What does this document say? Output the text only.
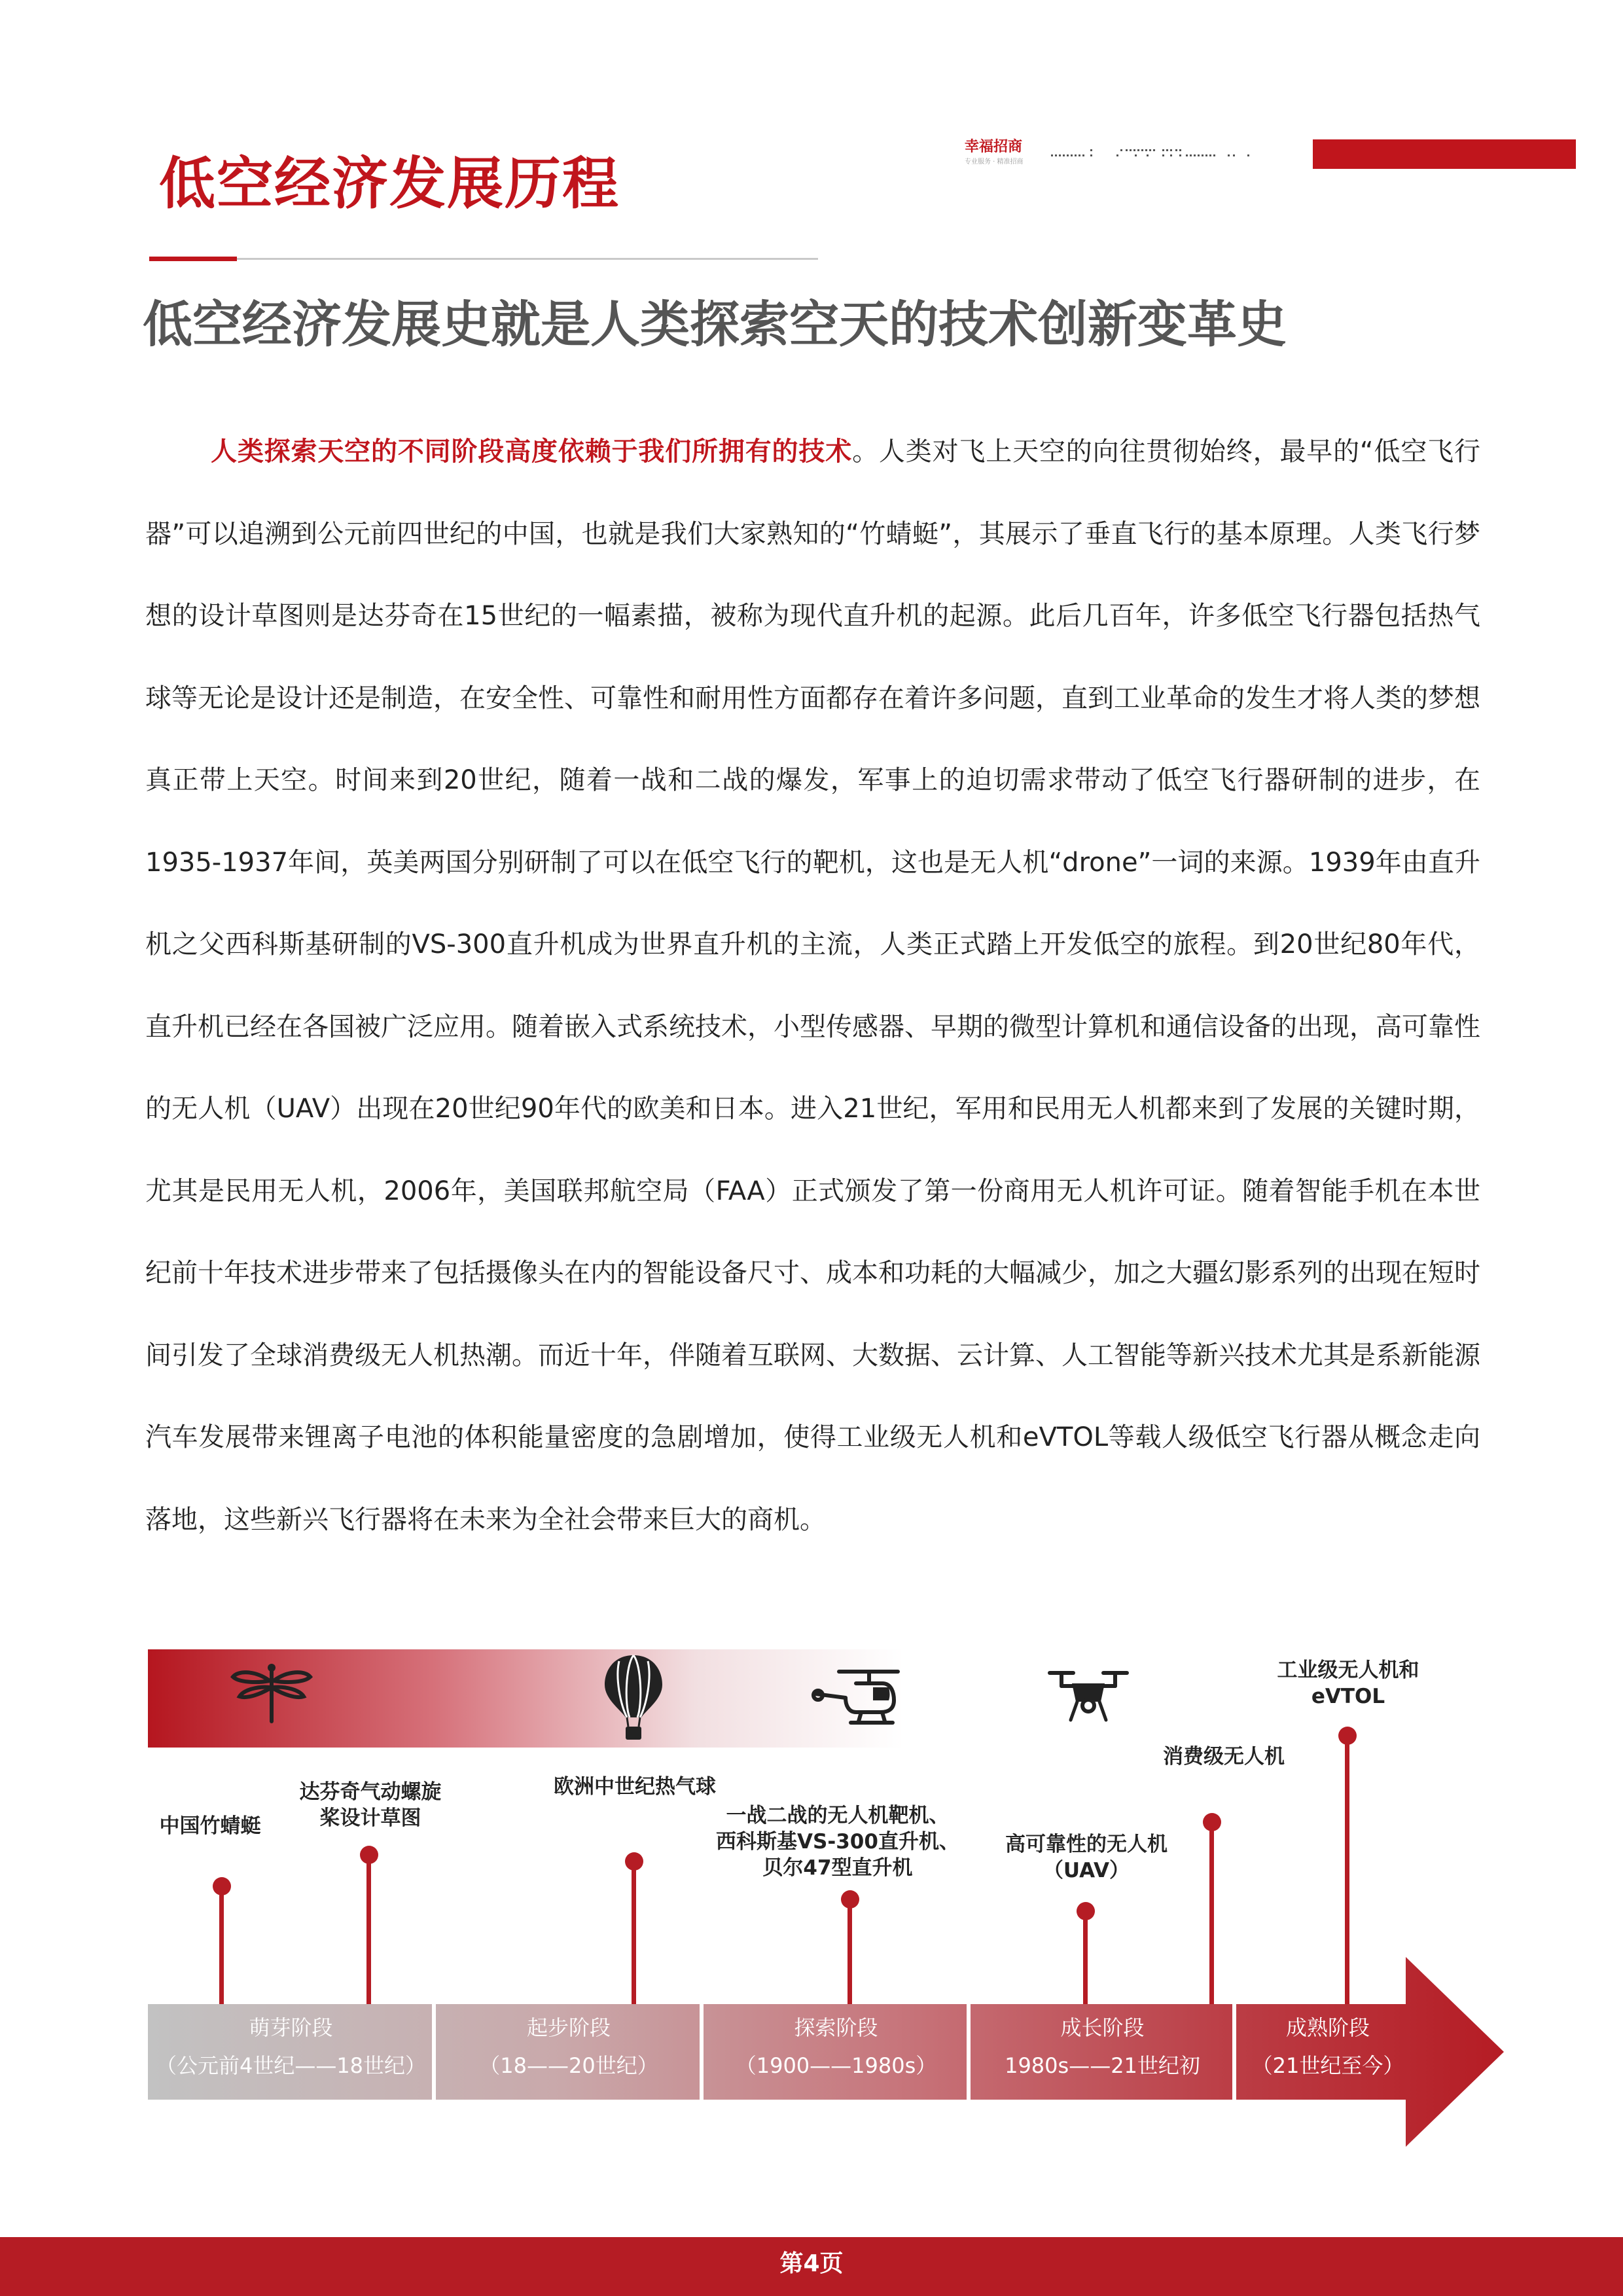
低空经济发展历程
幸福招商
专业服务 · 精准招商
低空经济发展史就是人类探索空天的技术创新变革史

人类探索天空的不同阶段高度依赖于我们所拥有的技术。人类对飞上天空的向往贯彻始终，最早的“低空飞行器”可以追溯到公元前四世纪的中国，也就是我们大家熟知的“竹蜻蜓”，其展示了垂直飞行的基本原理。人类飞行梦想的设计草图则是达芬奇在15世纪的一幅素描，被称为现代直升机的起源。此后几百年，许多低空飞行器包括热气球等无论是设计还是制造，在安全性、可靠性和耐用性方面都存在着许多问题，直到工业革命的发生才将人类的梦想真正带上天空。时间来到20世纪，随着一战和二战的爆发，军事上的迫切需求带动了低空飞行器研制的进步，在1935-1937年间，英美两国分别研制了可以在低空飞行的靶机，这也是无人机“drone”一词的来源。1939年由直升机之父西科斯基研制的VS-300直升机成为世界直升机的主流，人类正式踏上开发低空的旅程。到20世纪80年代，直升机已经在各国被广泛应用。随着嵌入式系统技术，小型传感器、早期的微型计算机和通信设备的出现，高可靠性的无人机（UAV）出现在20世纪90年代的欧美和日本。进入21世纪，军用和民用无人机都来到了发展的关键时期，尤其是民用无人机，2006年，美国联邦航空局（FAA）正式颁发了第一份商用无人机许可证。随着智能手机在本世纪前十年技术进步带来了包括摄像头在内的智能设备尺寸、成本和功耗的大幅减少，加之大疆幻影系列的出现在短时间引发了全球消费级无人机热潮。而近十年，伴随着互联网、大数据、云计算、人工智能等新兴技术尤其是系新能源汽车发展带来锂离子电池的体积能量密度的急剧增加，使得工业级无人机和eVTOL等载人级低空飞行器从概念走向落地，这些新兴飞行器将在未来为全社会带来巨大的商机。

中国竹蜻蜓
达芬奇气动螺旋
桨设计草图
欧洲中世纪热气球
一战二战的无人机靶机、
西科斯基VS-300直升机、
贝尔47型直升机
高可靠性的无人机
（UAV）
消费级无人机
工业级无人机和
eVTOL
萌芽阶段
（公元前4世纪——18世纪）
起步阶段
（18——20世纪）
探索阶段
（1900——1980s）
成长阶段
1980s——21世纪初
成熟阶段
（21世纪至今）
第4页
